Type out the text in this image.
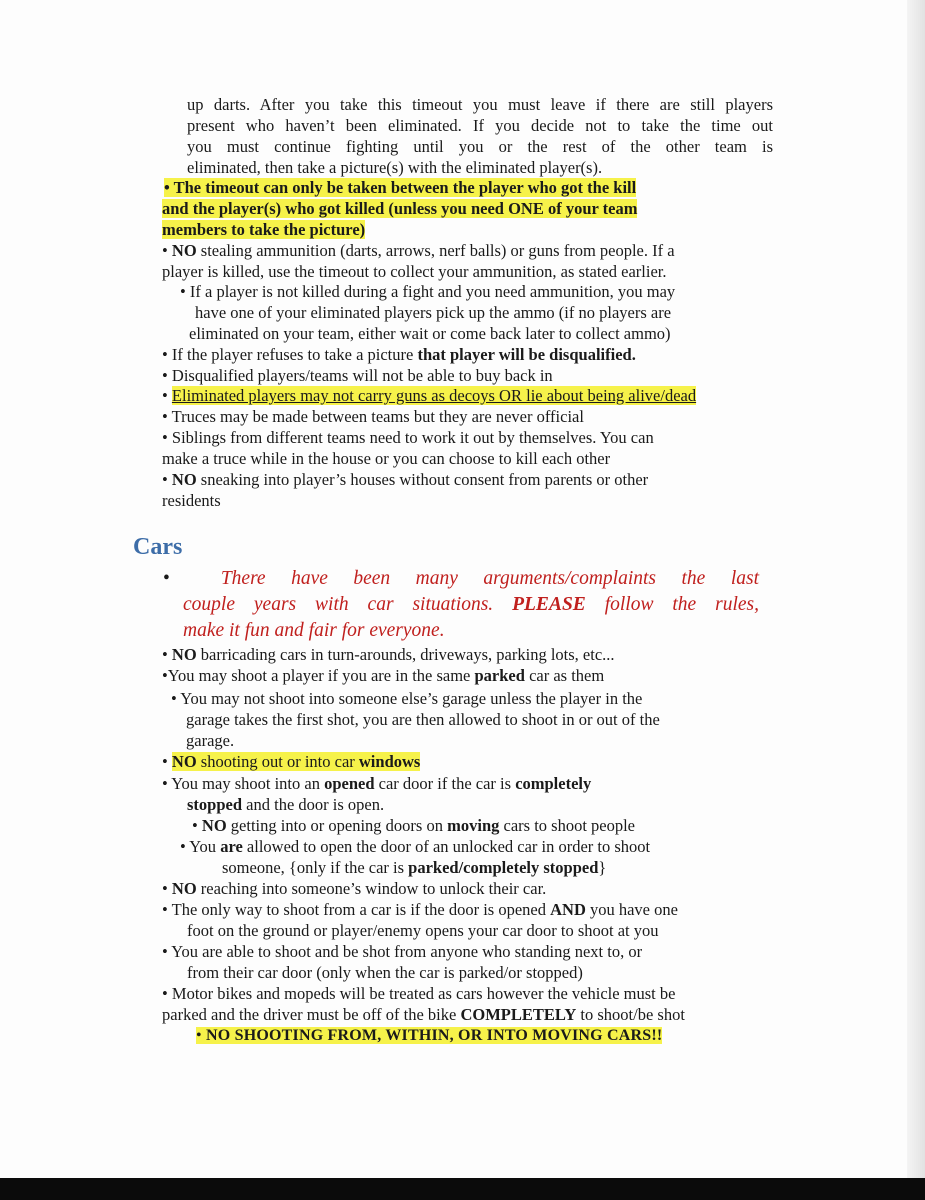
up darts. After you take this timeout you must leave if there are still players
present who haven’t been eliminated. If you decide not to take the time out
you must continue fighting until you or the rest of the other team is
eliminated, then take a picture(s) with the eliminated player(s).
• The timeout can only be taken between the player who got the kill
and the player(s) who got killed (unless you need ONE of your team
members to take the picture)
• NO stealing ammunition (darts, arrows, nerf balls) or guns from people. If a
player is killed, use the timeout to collect your ammunition, as stated earlier.
• If a player is not killed during a fight and you need ammunition, you may
have one of your eliminated players pick up the ammo (if no players are
eliminated on your team, either wait or come back later to collect ammo)
• If the player refuses to take a picture that player will be disqualified.
• Disqualified players/teams will not be able to buy back in
• Eliminated players may not carry guns as decoys OR lie about being alive/dead
• Truces may be made between teams but they are never official
• Siblings from different teams need to work it out by themselves. You can
make a truce while in the house or you can choose to kill each other
• NO sneaking into player’s houses without consent from parents or other
residents
Cars
•	There have been many arguments/complaints the last
couple years with car situations. PLEASE follow the rules,
make it fun and fair for everyone.
• NO barricading cars in turn-arounds, driveways, parking lots, etc...
•You may shoot a player if you are in the same parked car as them
• You may not shoot into someone else’s garage unless the player in the
garage takes the first shot, you are then allowed to shoot in or out of the
garage.
• NO shooting out or into car windows
• You may shoot into an opened car door if the car is completely
stopped and the door is open.
• NO getting into or opening doors on moving cars to shoot people
• You are allowed to open the door of an unlocked car in order to shoot
someone, {only if the car is parked/completely stopped}
• NO reaching into someone’s window to unlock their car.
• The only way to shoot from a car is if the door is opened AND you have one
foot on the ground or player/enemy opens your car door to shoot at you
• You are able to shoot and be shot from anyone who standing next to, or
from their car door (only when the car is parked/or stopped)
• Motor bikes and mopeds will be treated as cars however the vehicle must be
parked and the driver must be off of the bike COMPLETELY to shoot/be shot
• NO SHOOTING FROM, WITHIN, OR INTO MOVING CARS!!
